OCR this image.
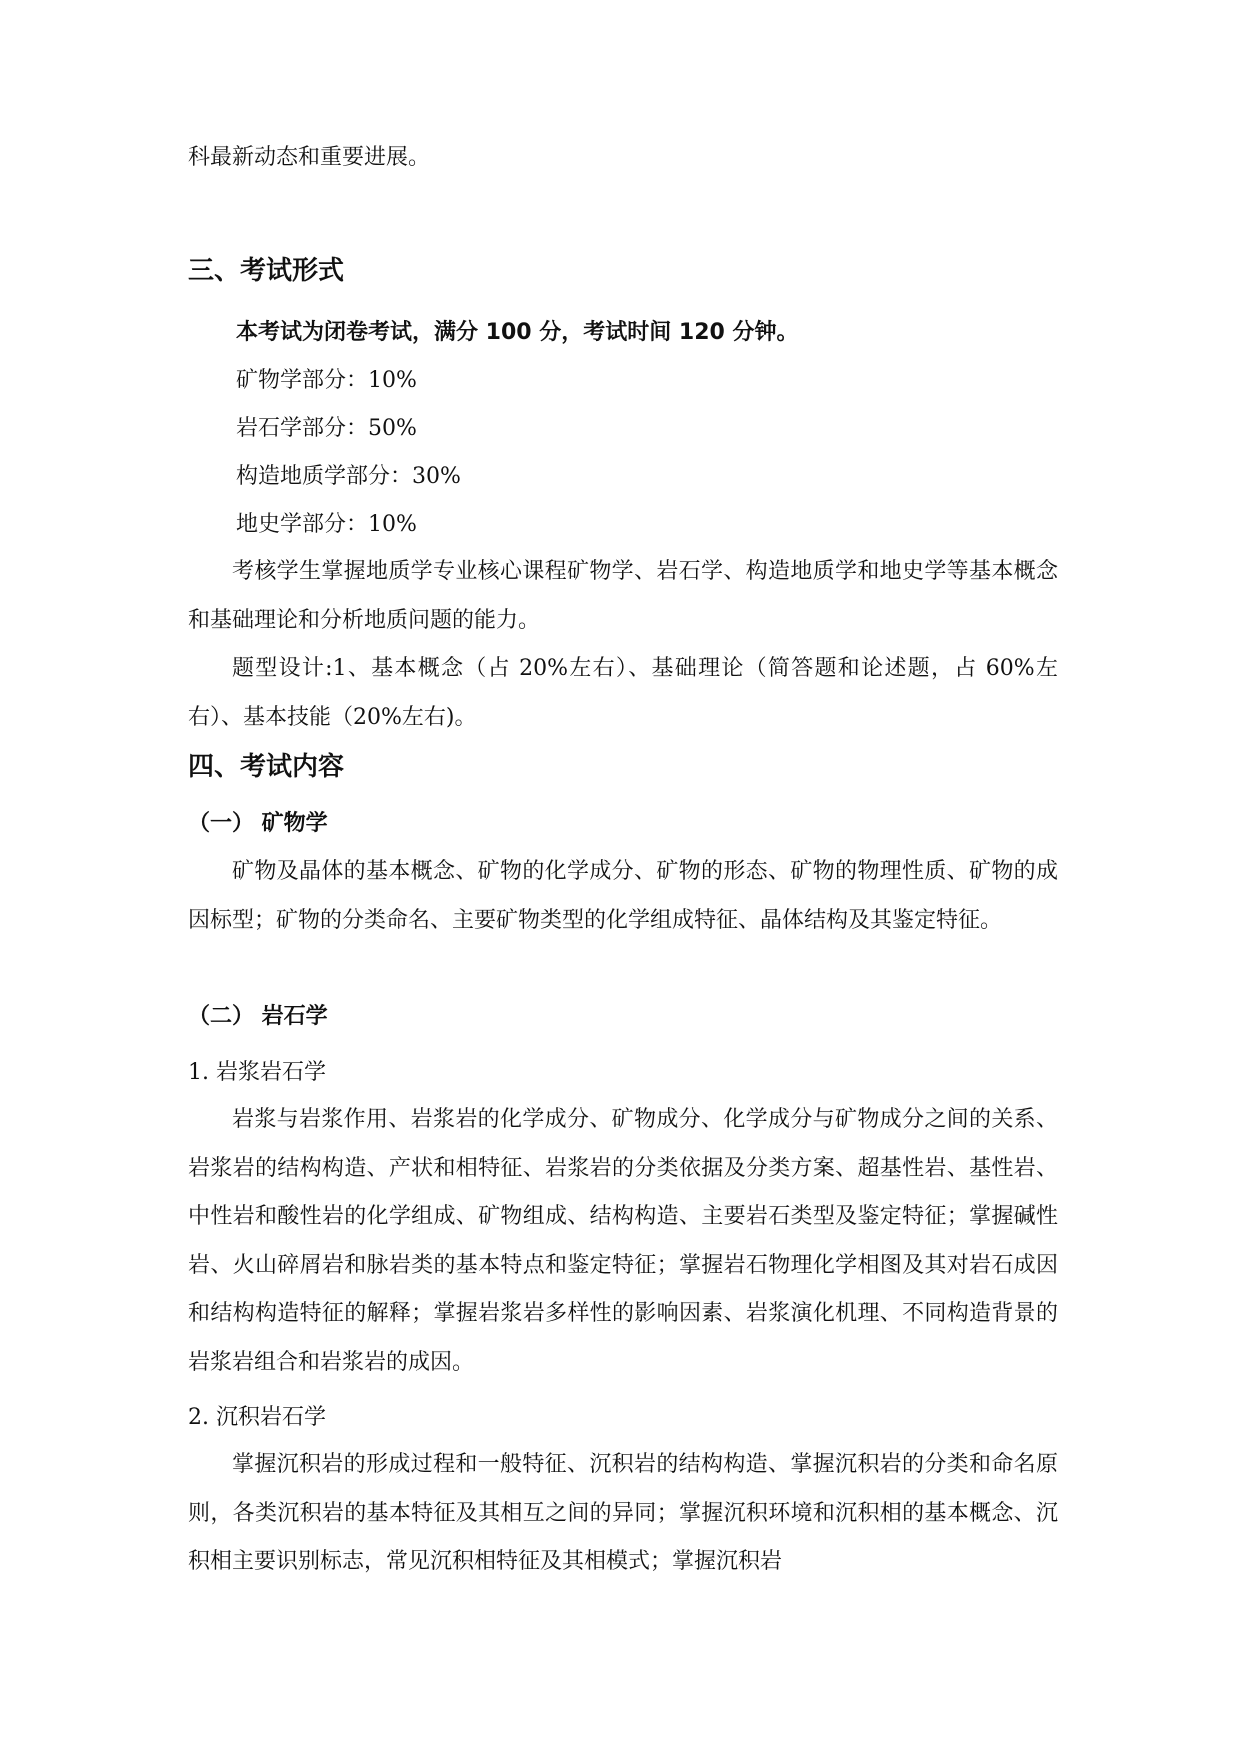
科最新动态和重要进展。
三、考试形式
本考试为闭卷考试，满分 100 分，考试时间 120 分钟。
矿物学部分：10%
岩石学部分：50%
构造地质学部分：30%
地史学部分：10%

考核学生掌握地质学专业核心课程矿物学、岩石学、构造地质学和地史学等基本概念和基础理论和分析地质问题的能力。

题型设计:1、基本概念（占 20%左右）、基础理论（简答题和论述题，占 60%左右）、基本技能（20%左右)。

四、考试内容
（一） 矿物学

矿物及晶体的基本概念、矿物的化学成分、矿物的形态、矿物的物理性质、矿物的成因标型；矿物的分类命名、主要矿物类型的化学组成特征、晶体结构及其鉴定特征。

（二） 岩石学
1. 岩浆岩石学

岩浆与岩浆作用、岩浆岩的化学成分、矿物成分、化学成分与矿物成分之间的关系、岩浆岩的结构构造、产状和相特征、岩浆岩的分类依据及分类方案、超基性岩、基性岩、中性岩和酸性岩的化学组成、矿物组成、结构构造、主要岩石类型及鉴定特征；掌握碱性岩、火山碎屑岩和脉岩类的基本特点和鉴定特征；掌握岩石物理化学相图及其对岩石成因和结构构造特征的解释；掌握岩浆岩多样性的影响因素、岩浆演化机理、不同构造背景的岩浆岩组合和岩浆岩的成因。

2. 沉积岩石学

掌握沉积岩的形成过程和一般特征、沉积岩的结构构造、掌握沉积岩的分类和命名原则，各类沉积岩的基本特征及其相互之间的异同；掌握沉积环境和沉积相的基本概念、沉积相主要识别标志，常见沉积相特征及其相模式；掌握沉积岩
